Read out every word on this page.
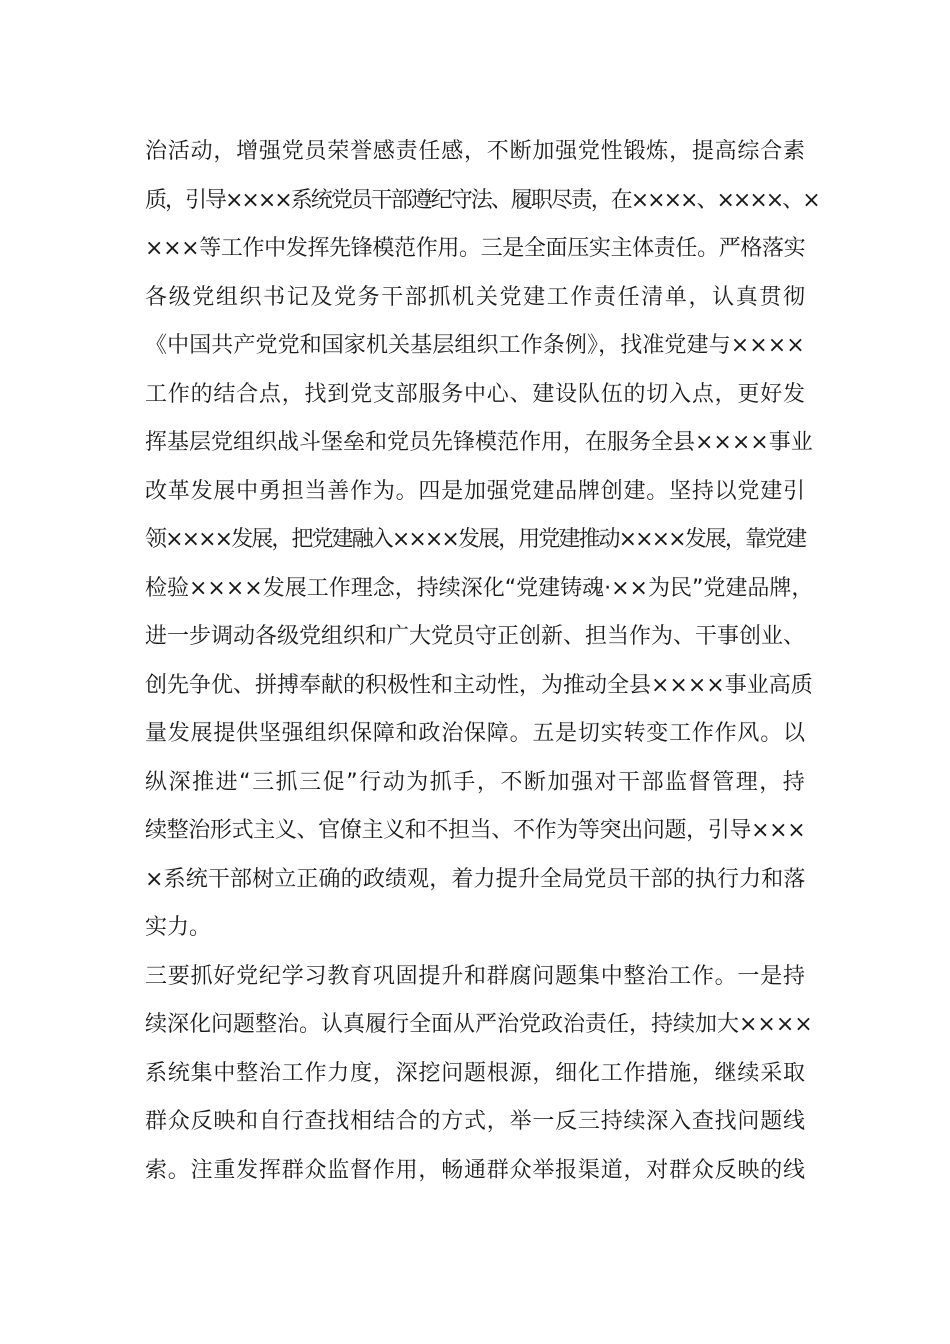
治活动，增强党员荣誉感责任感，不断加强党性锻炼，提高综合素
质，引导××××系统党员干部遵纪守法、履职尽责，在××××、××××、×
×××等工作中发挥先锋模范作用。三是全面压实主体责任。严格落实
各级党组织书记及党务干部抓机关党建工作责任清单，认真贯彻
《中国共产党党和国家机关基层组织工作条例》，找准党建与××××
工作的结合点，找到党支部服务中心、建设队伍的切入点，更好发
挥基层党组织战斗堡垒和党员先锋模范作用，在服务全县××××事业
改革发展中勇担当善作为。四是加强党建品牌创建。坚持以党建引
领××××发展，把党建融入××××发展，用党建推动××××发展，靠党建
检验××××发展工作理念，持续深化“党建铸魂·××为民”党建品牌，
进一步调动各级党组织和广大党员守正创新、担当作为、干事创业、
创先争优、拼搏奉献的积极性和主动性，为推动全县××××事业高质
量发展提供坚强组织保障和政治保障。五是切实转变工作作风。以
纵深推进“三抓三促”行动为抓手，不断加强对干部监督管理，持
续整治形式主义、官僚主义和不担当、不作为等突出问题，引导×××
×系统干部树立正确的政绩观，着力提升全局党员干部的执行力和落
实力。
三要抓好党纪学习教育巩固提升和群腐问题集中整治工作。一是持
续深化问题整治。认真履行全面从严治党政治责任，持续加大××××
系统集中整治工作力度，深挖问题根源，细化工作措施，继续采取
群众反映和自行查找相结合的方式，举一反三持续深入查找问题线
索。注重发挥群众监督作用，畅通群众举报渠道，对群众反映的线
